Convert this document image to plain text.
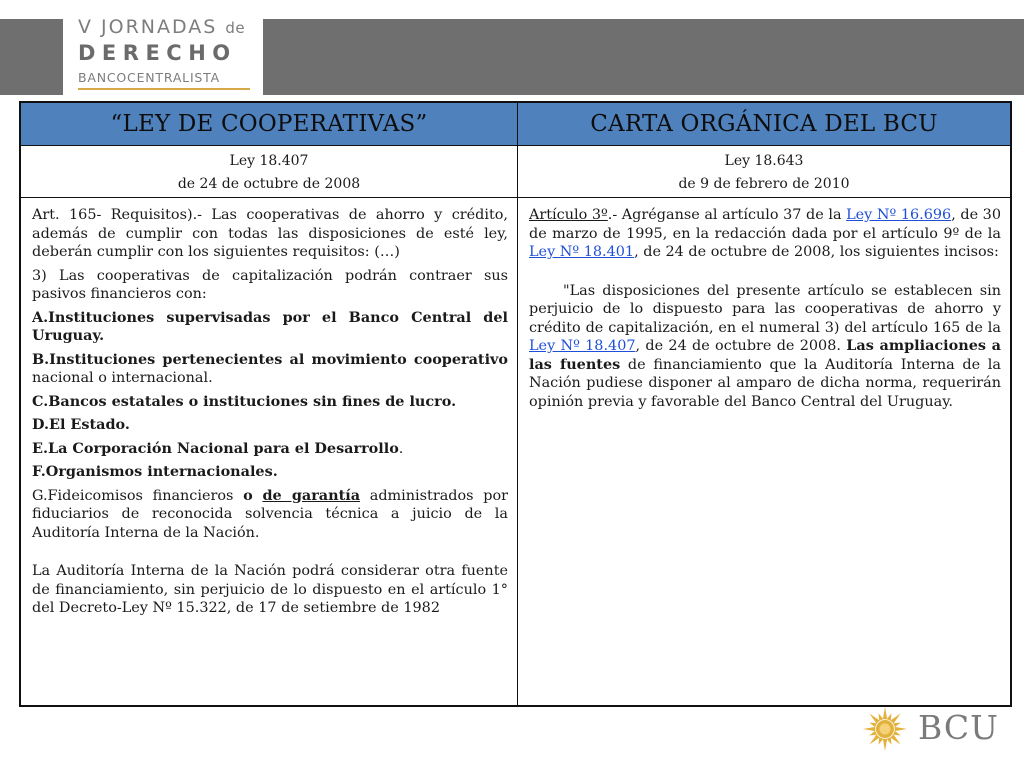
V JORNADAS de
DERECHO
BANCOCENTRALISTA
“LEY DE COOPERATIVAS”	CARTA ORGÁNICA DEL BCU
Ley 18.407
de 24 de octubre de 2008
Ley 18.643
de 9 de febrero de 2010
Art. 165- Requisitos).- Las cooperativas de ahorro y crédito, además de cumplir con todas las disposiciones de esté ley, deberán cumplir con los siguientes requisitos: (…)
3) Las cooperativas de capitalización podrán contraer sus pasivos financieros con:
A.Instituciones supervisadas por el Banco Central del Uruguay.
B.Instituciones pertenecientes al movimiento cooperativo nacional o internacional.
C.Bancos estatales o instituciones sin fines de lucro.
D.El Estado.
E.La Corporación Nacional para el Desarrollo.
F.Organismos internacionales.
G.Fideicomisos financieros o de garantía administrados por fiduciarios de reconocida solvencia técnica a juicio de la Auditoría Interna de la Nación.
La Auditoría Interna de la Nación podrá considerar otra fuente de financiamiento, sin perjuicio de lo dispuesto en el artículo 1° del Decreto-Ley Nº 15.322, de 17 de setiembre de 1982
Artículo 3º.- Agréganse al artículo 37 de la Ley Nº 16.696, de 30 de marzo de 1995, en la redacción dada por el artículo 9º de la Ley Nº 18.401, de 24 de octubre de 2008, los siguientes incisos:
"Las disposiciones del presente artículo se establecen sin perjuicio de lo dispuesto para las cooperativas de ahorro y crédito de capitalización, en el numeral 3) del artículo 165 de la Ley Nº 18.407, de 24 de octubre de 2008. Las ampliaciones a las fuentes de financiamiento que la Auditoría Interna de la Nación pudiese disponer al amparo de dicha norma, requerirán opinión previa y favorable del Banco Central del Uruguay.
BCU
